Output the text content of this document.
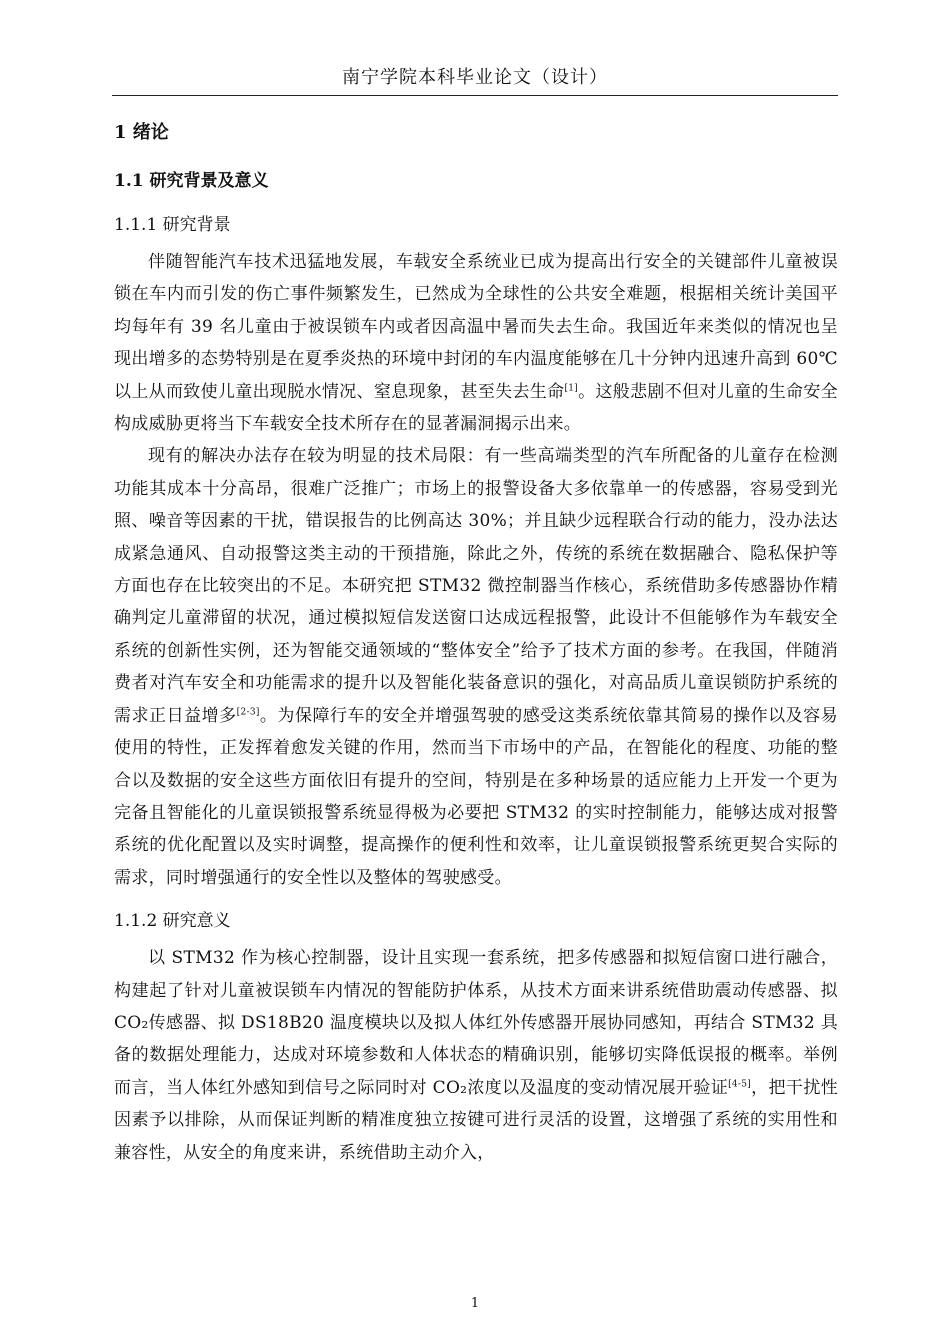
南宁学院本科毕业论文（设计）
1 绪论
1.1 研究背景及意义
1.1.1 研究背景

伴随智能汽车技术迅猛地发展，车载安全系统业已成为提高出行安全的关键部件儿童被误锁在车内而引发的伤亡事件频繁发生，已然成为全球性的公共安全难题，根据相关统计美国平均每年有 39 名儿童由于被误锁车内或者因高温中暑而失去生命。我国近年来类似的情况也呈现出增多的态势特别是在夏季炎热的环境中封闭的车内温度能够在几十分钟内迅速升高到 60℃以上从而致使儿童出现脱水情况、窒息现象，甚至失去生命[1]。这般悲剧不但对儿童的生命安全构成威胁更将当下车载安全技术所存在的显著漏洞揭示出来。

现有的解决办法存在较为明显的技术局限：有一些高端类型的汽车所配备的儿童存在检测功能其成本十分高昂，很难广泛推广；市场上的报警设备大多依靠单一的传感器，容易受到光照、噪音等因素的干扰，错误报告的比例高达 30%；并且缺少远程联合行动的能力，没办法达成紧急通风、自动报警这类主动的干预措施，除此之外，传统的系统在数据融合、隐私保护等方面也存在比较突出的不足。本研究把 STM32 微控制器当作核心，系统借助多传感器协作精确判定儿童滞留的状况，通过模拟短信发送窗口达成远程报警，此设计不但能够作为车载安全系统的创新性实例，还为智能交通领域的“整体安全”给予了技术方面的参考。在我国，伴随消费者对汽车安全和功能需求的提升以及智能化装备意识的强化，对高品质儿童误锁防护系统的需求正日益增多[2-3]。为保障行车的安全并增强驾驶的感受这类系统依靠其简易的操作以及容易使用的特性，正发挥着愈发关键的作用，然而当下市场中的产品，在智能化的程度、功能的整合以及数据的安全这些方面依旧有提升的空间，特别是在多种场景的适应能力上开发一个更为完备且智能化的儿童误锁报警系统显得极为必要把 STM32 的实时控制能力，能够达成对报警系统的优化配置以及实时调整，提高操作的便利性和效率，让儿童误锁报警系统更契合实际的需求，同时增强通行的安全性以及整体的驾驶感受。

1.1.2 研究意义

以 STM32 作为核心控制器，设计且实现一套系统，把多传感器和拟短信窗口进行融合，构建起了针对儿童被误锁车内情况的智能防护体系，从技术方面来讲系统借助震动传感器、拟 CO₂传感器、拟 DS18B20 温度模块以及拟人体红外传感器开展协同感知，再结合 STM32 具备的数据处理能力，达成对环境参数和人体状态的精确识别，能够切实降低误报的概率。举例而言，当人体红外感知到信号之际同时对 CO₂浓度以及温度的变动情况展开验证[4-5]，把干扰性因素予以排除，从而保证判断的精准度独立按键可进行灵活的设置，这增强了系统的实用性和兼容性，从安全的角度来讲，系统借助主动介入，

1
